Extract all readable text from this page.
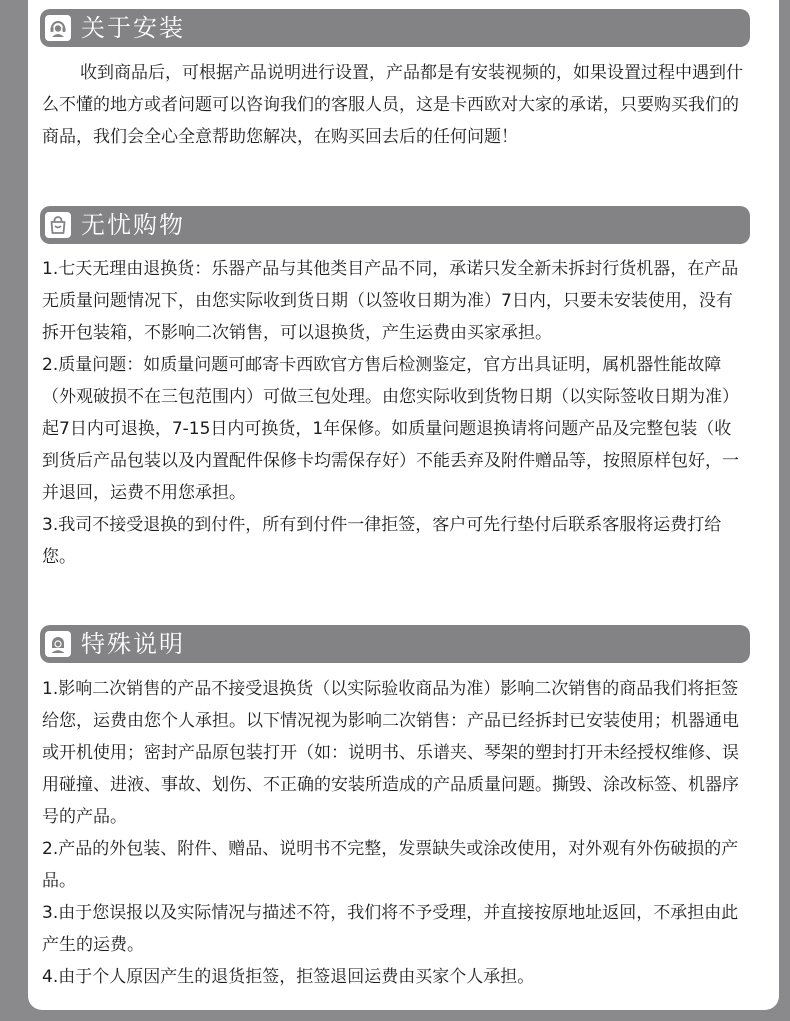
关于安装

收到商品后，可根据产品说明进行设置，产品都是有安装视频的，如果设置过程中遇到什么不懂的地方或者问题可以咨询我们的客服人员，这是卡西欧对大家的承诺，只要购买我们的商品，我们会全心全意帮助您解决，在购买回去后的任何问题！

无忧购物

1.七天无理由退换货：乐器产品与其他类目产品不同，承诺只发全新未拆封行货机器，在产品无质量问题情况下，由您实际收到货日期（以签收日期为准）7日内，只要未安装使用，没有拆开包装箱，不影响二次销售，可以退换货，产生运费由买家承担。

2.质量问题：如质量问题可邮寄卡西欧官方售后检测鉴定，官方出具证明，属机器性能故障（外观破损不在三包范围内）可做三包处理。由您实际收到货物日期（以实际签收日期为准）起7日内可退换，7-15日内可换货，1年保修。如质量问题退换请将问题产品及完整包装（收到货后产品包装以及内置配件保修卡均需保存好）不能丢弃及附件赠品等，按照原样包好，一并退回，运费不用您承担。

3.我司不接受退换的到付件，所有到付件一律拒签，客户可先行垫付后联系客服将运费打给您。

特殊说明

1.影响二次销售的产品不接受退换货（以实际验收商品为准）影响二次销售的商品我们将拒签给您，运费由您个人承担。以下情况视为影响二次销售：产品已经拆封已安装使用；机器通电或开机使用；密封产品原包装打开（如：说明书、乐谱夹、琴架的塑封打开未经授权维修、误用碰撞、进液、事故、划伤、不正确的安装所造成的产品质量问题。撕毁、涂改标签、机器序号的产品。

2.产品的外包装、附件、赠品、说明书不完整，发票缺失或涂改使用，对外观有外伤破损的产品。

3.由于您误报以及实际情况与描述不符，我们将不予受理，并直接按原地址返回，不承担由此产生的运费。

4.由于个人原因产生的退货拒签，拒签退回运费由买家个人承担。
